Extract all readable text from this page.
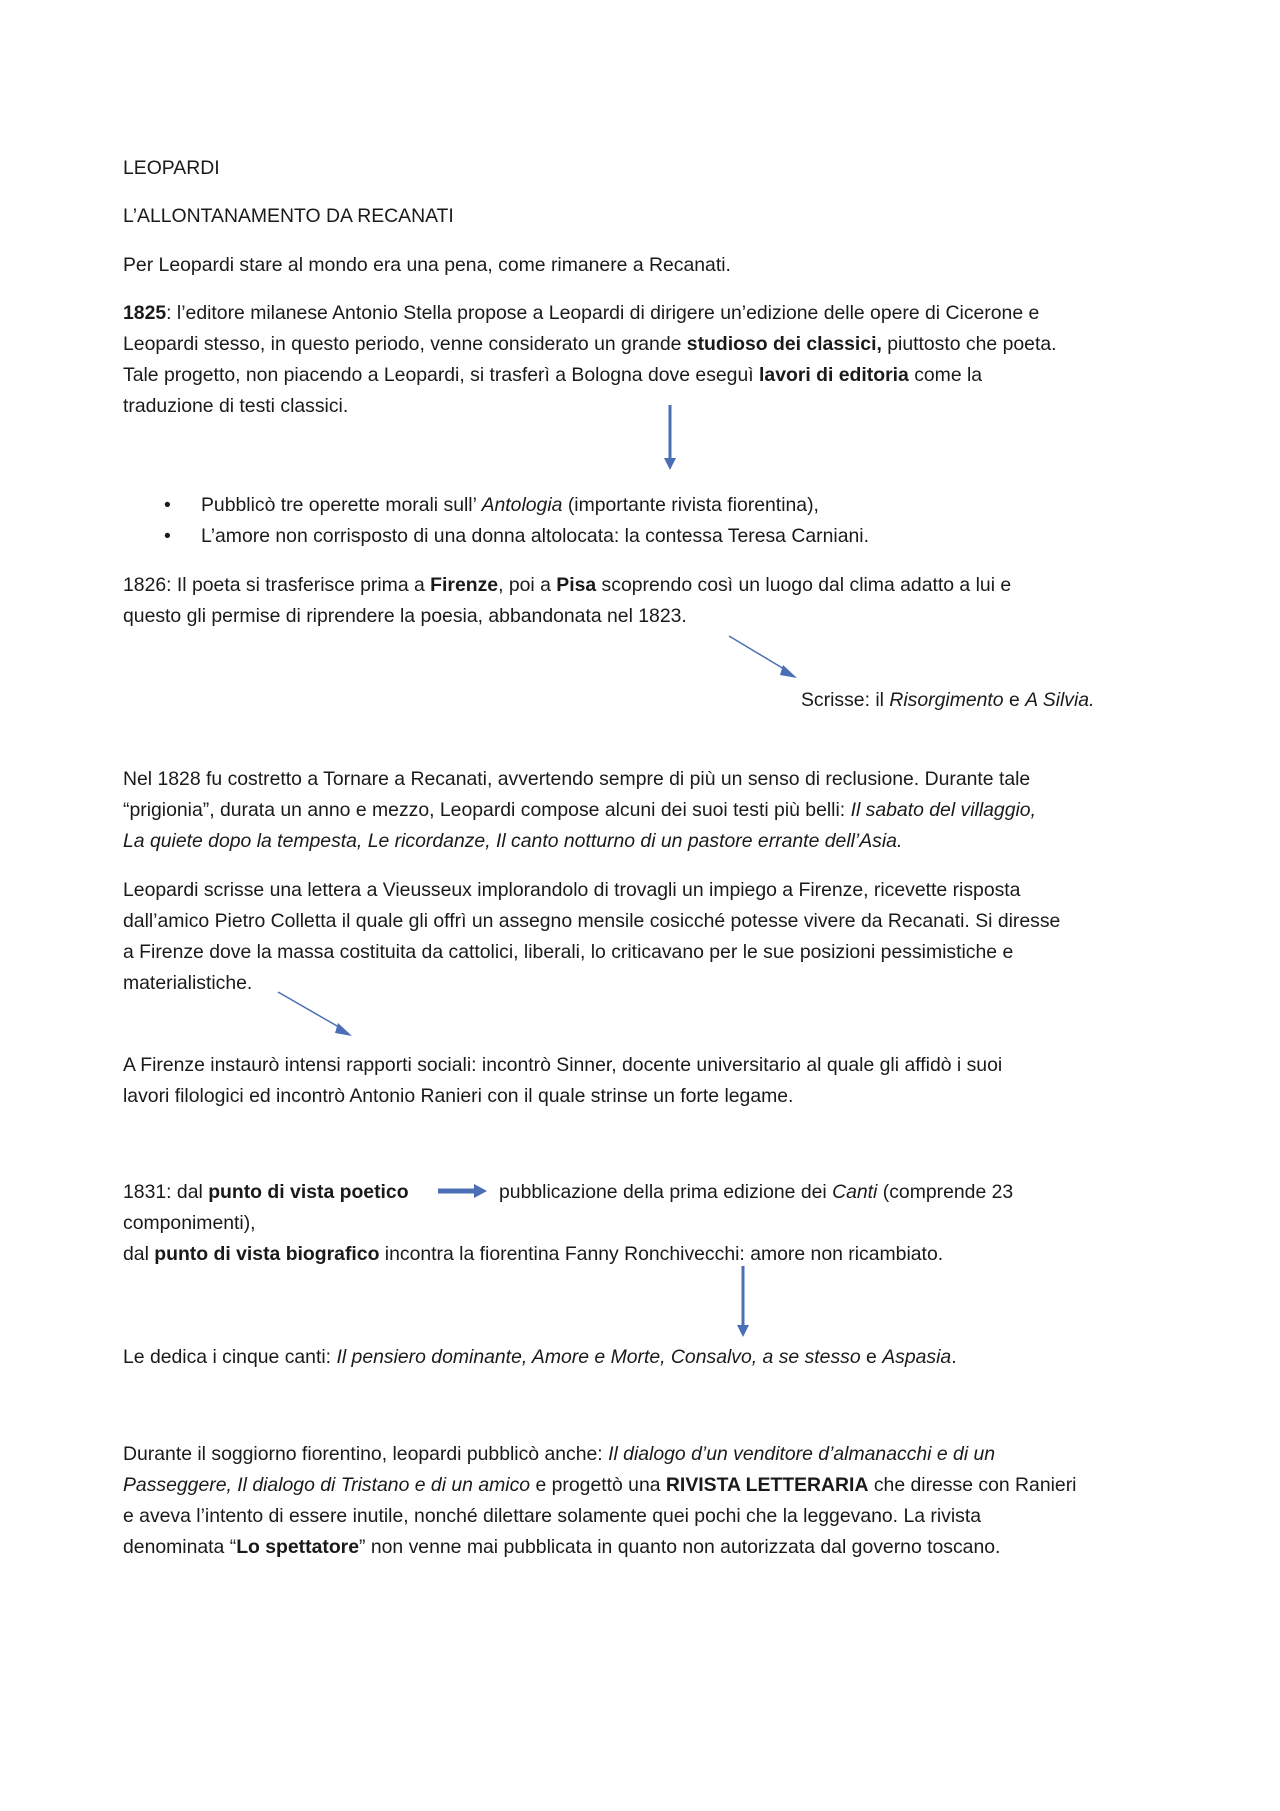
LEOPARDI
L’ALLONTANAMENTO DA RECANATI
Per Leopardi stare al mondo era una pena, come rimanere a Recanati.
1825: l’editore milanese Antonio Stella propose a Leopardi di dirigere un’edizione delle opere di Cicerone e
Leopardi stesso, in questo periodo, venne considerato un grande studioso dei classici, piuttosto che poeta.
Tale progetto, non piacendo a Leopardi, si trasferì a Bologna dove eseguì lavori di editoria come la
traduzione di testi classici.
• Pubblicò tre operette morali sull’ Antologia (importante rivista fiorentina),
• L’amore non corrisposto di una donna altolocata: la contessa Teresa Carniani.
1826: Il poeta si trasferisce prima a Firenze, poi a Pisa scoprendo così un luogo dal clima adatto a lui e
questo gli permise di riprendere la poesia, abbandonata nel 1823.
Scrisse: il Risorgimento e A Silvia.
Nel 1828 fu costretto a Tornare a Recanati, avvertendo sempre di più un senso di reclusione. Durante tale
“prigionia”, durata un anno e mezzo, Leopardi compose alcuni dei suoi testi più belli: Il sabato del villaggio,
La quiete dopo la tempesta, Le ricordanze, Il canto notturno di un pastore errante dell’Asia.
Leopardi scrisse una lettera a Vieusseux implorandolo di trovagli un impiego a Firenze, ricevette risposta
dall’amico Pietro Colletta il quale gli offrì un assegno mensile cosicché potesse vivere da Recanati. Si diresse
a Firenze dove la massa costituita da cattolici, liberali, lo criticavano per le sue posizioni pessimistiche e
materialistiche.
A Firenze instaurò intensi rapporti sociali: incontrò Sinner, docente universitario al quale gli affidò i suoi
lavori filologici ed incontrò Antonio Ranieri con il quale strinse un forte legame.
1831: dal punto di vista poetico	pubblicazione della prima edizione dei Canti (comprende 23
componimenti),
dal punto di vista biografico incontra la fiorentina Fanny Ronchivecchi: amore non ricambiato.
Le dedica i cinque canti: Il pensiero dominante, Amore e Morte, Consalvo, a se stesso e Aspasia.
Durante il soggiorno fiorentino, leopardi pubblicò anche: Il dialogo d’un venditore d’almanacchi e di un
Passeggere, Il dialogo di Tristano e di un amico e progettò una RIVISTA LETTERARIA che diresse con Ranieri
e aveva l’intento di essere inutile, nonché dilettare solamente quei pochi che la leggevano. La rivista
denominata “Lo spettatore” non venne mai pubblicata in quanto non autorizzata dal governo toscano.
